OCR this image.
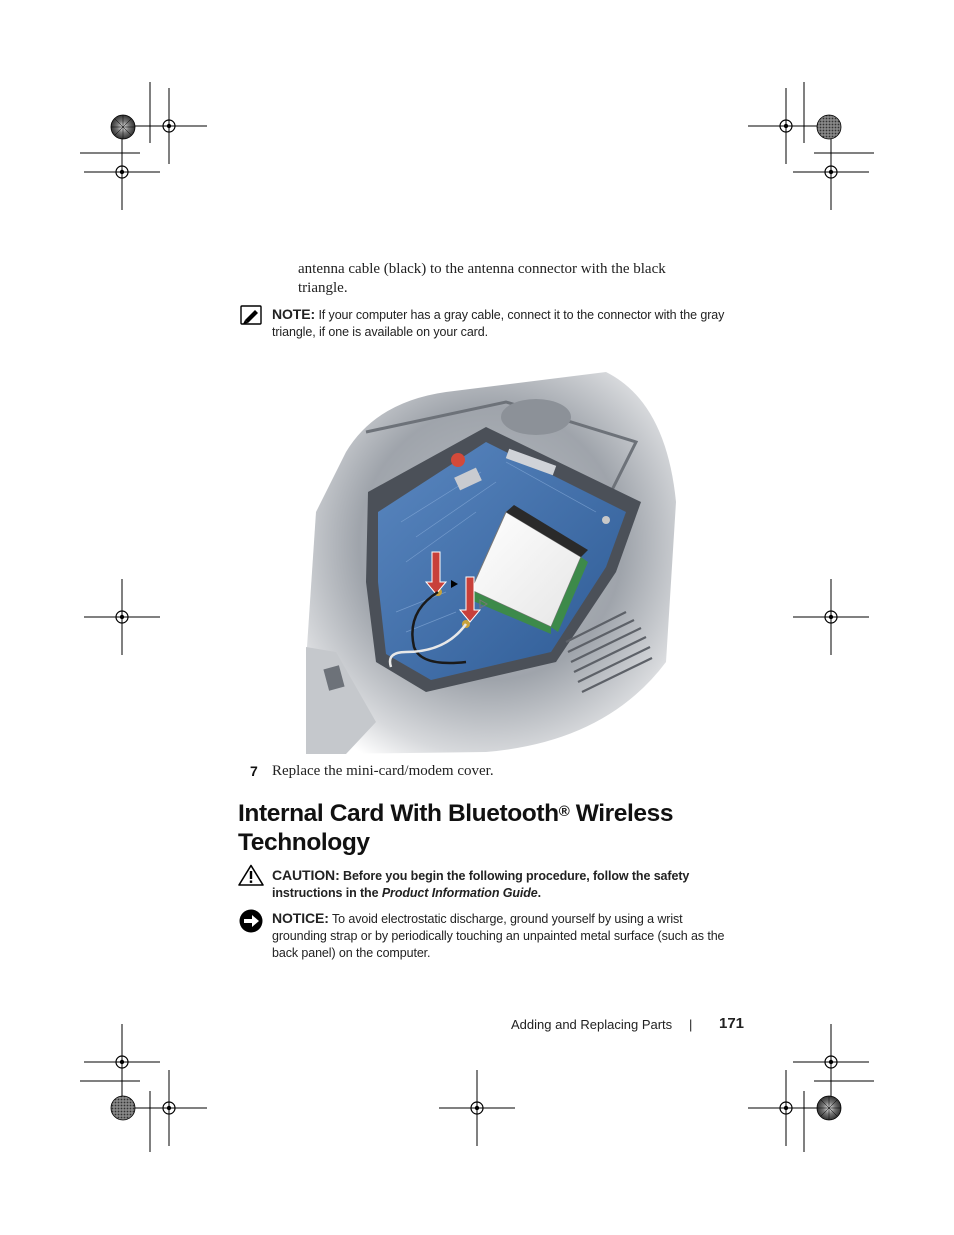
antenna cable (black) to the antenna connector with the black triangle.
NOTE: If your computer has a gray cable, connect it to the connector with the gray triangle, if one is available on your card.
7 Replace the mini-card/modem cover.
Internal Card With Bluetooth® Wireless
Technology
CAUTION: Before you begin the following procedure, follow the safety instructions in the Product Information Guide.
NOTICE: To avoid electrostatic discharge, ground yourself by using a wrist grounding strap or by periodically touching an unpainted metal surface (such as the back panel) on the computer.
Adding and Replacing Parts | 171
